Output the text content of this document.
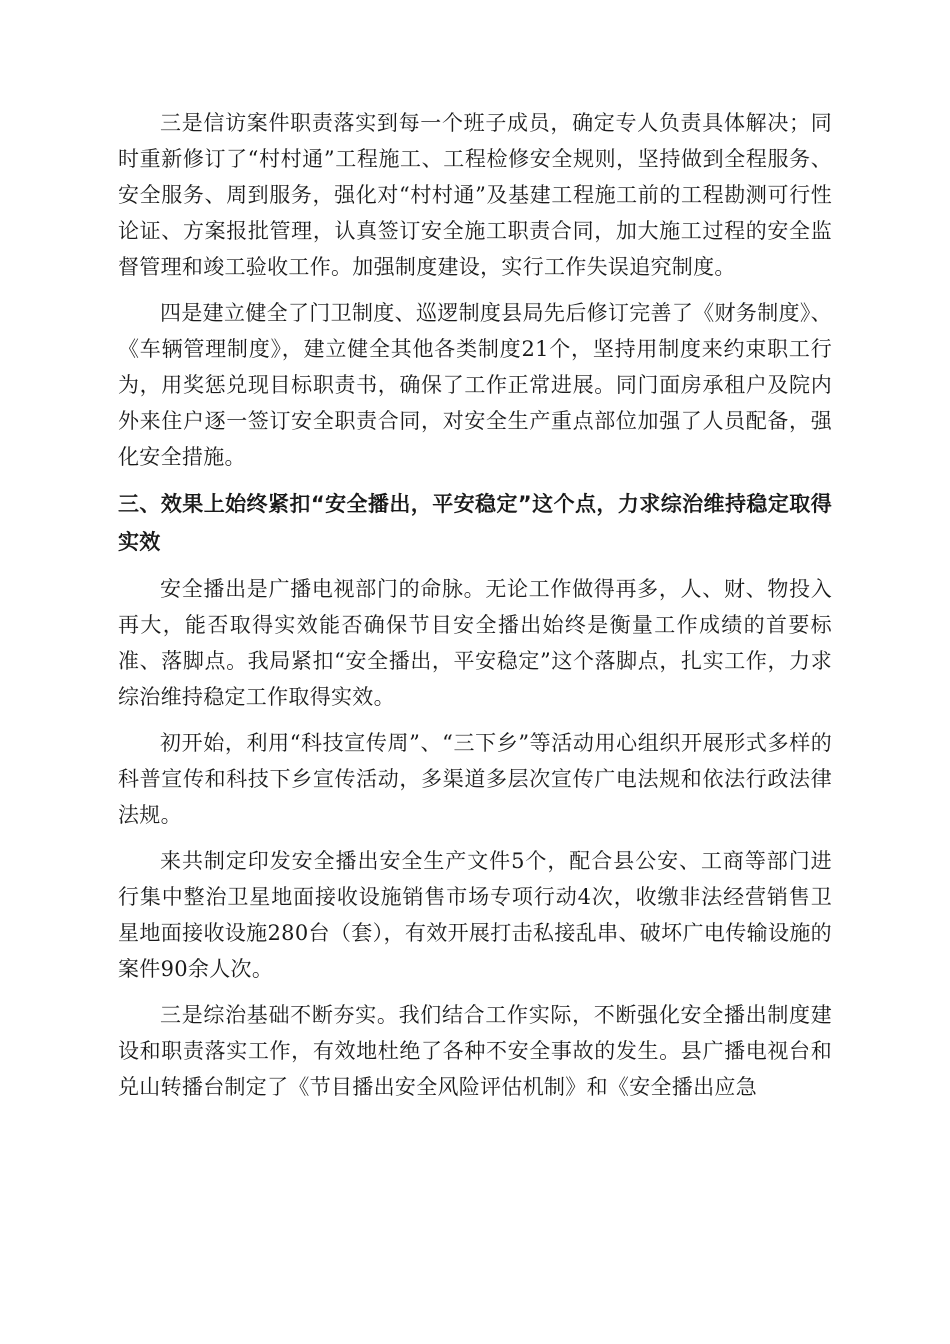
三是信访案件职责落实到每一个班子成员，确定专人负责具体解决；同时重新修订了“村村通”工程施工、工程检修安全规则，坚持做到全程服务、安全服务、周到服务，强化对“村村通”及基建工程施工前的工程勘测可行性论证、方案报批管理，认真签订安全施工职责合同，加大施工过程的安全监督管理和竣工验收工作。加强制度建设，实行工作失误追究制度。

四是建立健全了门卫制度、巡逻制度县局先后修订完善了《财务制度》、《车辆管理制度》，建立健全其他各类制度21个，坚持用制度来约束职工行为，用奖惩兑现目标职责书，确保了工作正常进展。同门面房承租户及院内外来住户逐一签订安全职责合同，对安全生产重点部位加强了人员配备，强化安全措施。

三、效果上始终紧扣“安全播出，平安稳定”这个点，力求综治维持稳定取得实效

安全播出是广播电视部门的命脉。无论工作做得再多，人、财、物投入再大，能否取得实效能否确保节目安全播出始终是衡量工作成绩的首要标准、落脚点。我局紧扣“安全播出，平安稳定”这个落脚点，扎实工作，力求综治维持稳定工作取得实效。

初开始，利用“科技宣传周”、“三下乡”等活动用心组织开展形式多样的科普宣传和科技下乡宣传活动，多渠道多层次宣传广电法规和依法行政法律法规。

来共制定印发安全播出安全生产文件5个，配合县公安、工商等部门进行集中整治卫星地面接收设施销售市场专项行动4次，收缴非法经营销售卫星地面接收设施280台（套），有效开展打击私接乱串、破坏广电传输设施的案件90余人次。

三是综治基础不断夯实。我们结合工作实际，不断强化安全播出制度建设和职责落实工作，有效地杜绝了各种不安全事故的发生。县广播电视台和兑山转播台制定了《节目播出安全风险评估机制》和《安全播出应急
